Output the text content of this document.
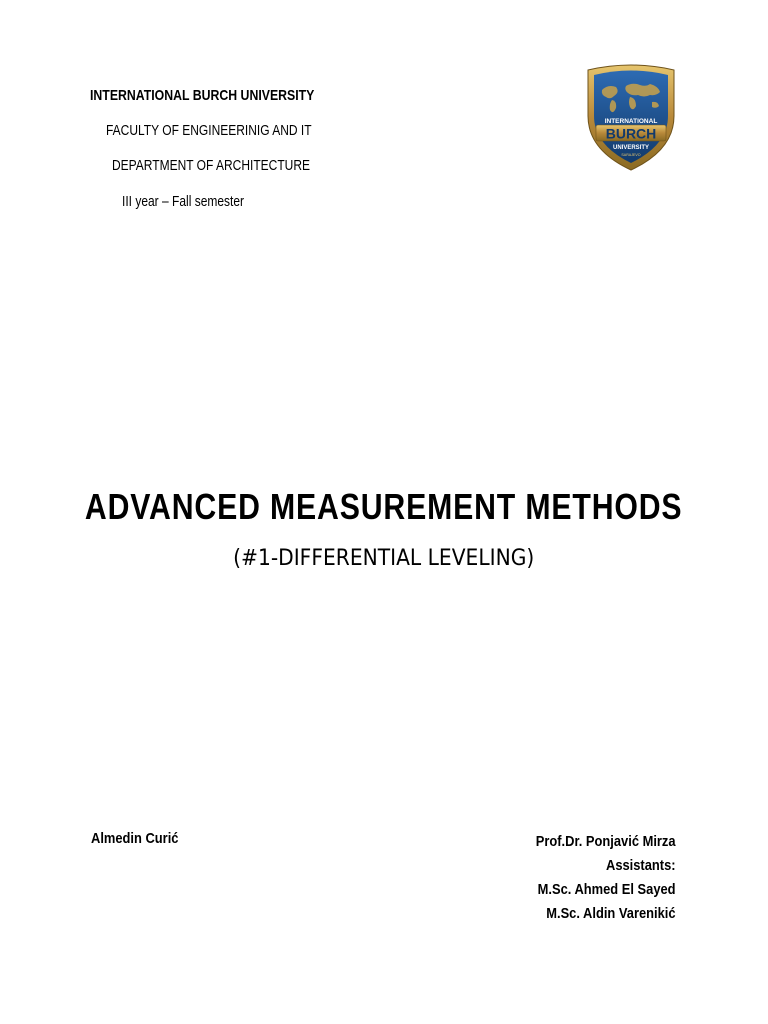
INTERNATIONAL BURCH UNIVERSITY
FACULTY OF ENGINEERINIG AND IT
DEPARTMENT OF ARCHITECTURE
III year – Fall semester
INTERNATIONAL
BURCH
UNIVERSITY
SARAJEVO
ADVANCED MEASUREMENT METHODS
(#1-DIFFERENTIAL LEVELING)
Almedin Curić	Prof.Dr. Ponjavić Mirza
Assistants:
M.Sc. Ahmed El Sayed
M.Sc. Aldin Varenikić
